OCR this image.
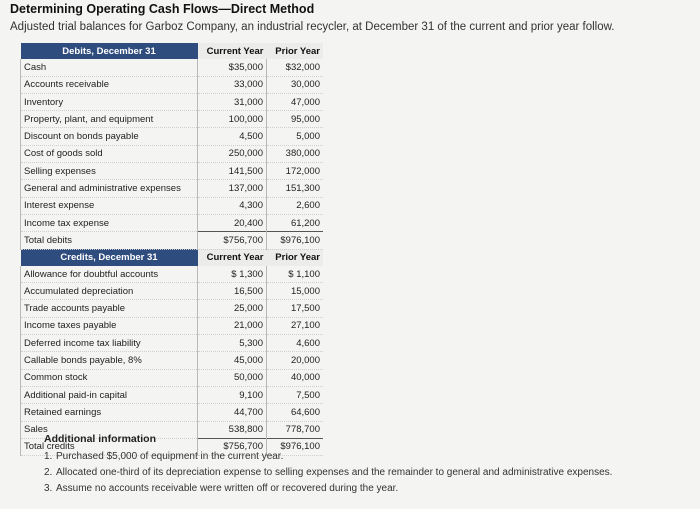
Determining Operating Cash Flows—Direct Method
Adjusted trial balances for Garboz Company, an industrial recycler, at December 31 of the current and prior year follow.
Debits, December 31	Current Year	Prior Year
Cash	$35,000	$32,000
Accounts receivable	33,000	30,000
Inventory	31,000	47,000
Property, plant, and equipment	100,000	95,000
Discount on bonds payable	4,500	5,000
Cost of goods sold	250,000	380,000
Selling expenses	141,500	172,000
General and administrative expenses	137,000	151,300
Interest expense	4,300	2,600
Income tax expense	20,400	61,200
Total debits	$756,700	$976,100
Credits, December 31	Current Year	Prior Year
Allowance for doubtful accounts	$ 1,300	$ 1,100
Accumulated depreciation	16,500	15,000
Trade accounts payable	25,000	17,500
Income taxes payable	21,000	27,100
Deferred income tax liability	5,300	4,600
Callable bonds payable, 8%	45,000	20,000
Common stock	50,000	40,000
Additional paid-in capital	9,100	7,500
Retained earnings	44,700	64,600
Sales	538,800	778,700
Total credits	$756,700	$976,100
Additional information
1. Purchased $5,000 of equipment in the current year.
2. Allocated one-third of its depreciation expense to selling expenses and the remainder to general and administrative expenses.
3. Assume no accounts receivable were written off or recovered during the year.
